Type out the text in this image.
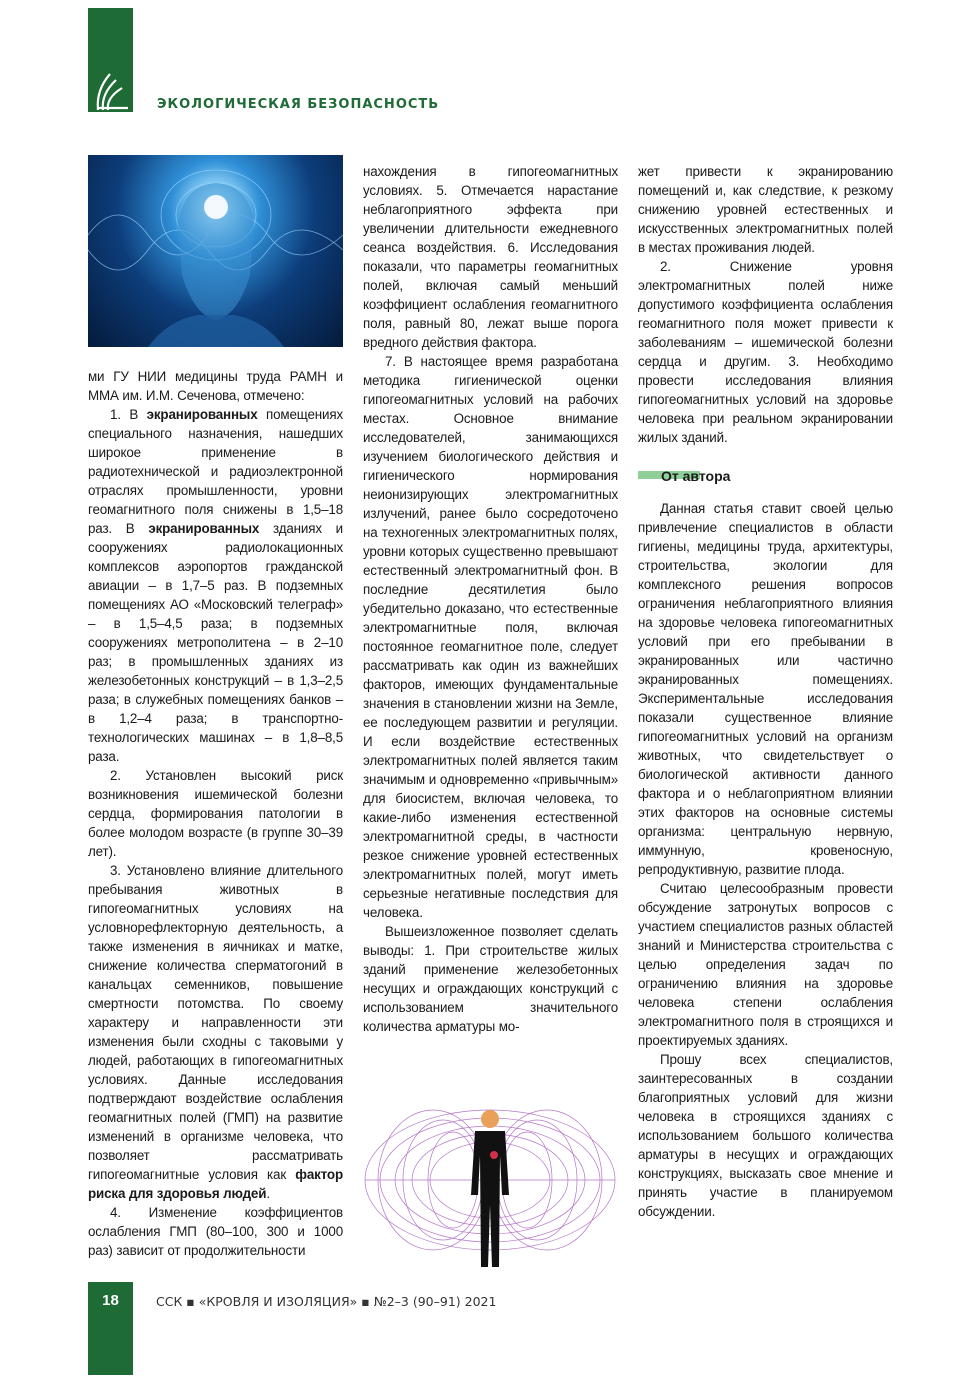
ЭКОЛОГИЧЕСКАЯ БЕЗОПАСНОСТЬ

ми ГУ НИИ медицины труда РАМН и ММА им. И.М. Сеченова, отмечено:

1. В экранированных помещениях специального назначения, нашедших широкое применение в радиотехнической и радиоэлектронной отраслях промышленности, уровни геомагнитного поля снижены в 1,5–18 раз. В экранированных зданиях и сооружениях радиолокационных комплексов аэропортов гражданской авиации – в 1,7–5 раз. В подземных помещениях АО «Московский телеграф» – в 1,5–4,5 раза; в подземных сооружениях метрополитена – в 2–10 раз; в промышленных зданиях из железобетонных конструкций – в 1,3–2,5 раза; в служебных помещениях банков – в 1,2–4 раза; в транспортно-технологических машинах – в 1,8–8,5 раза.

2. Установлен высокий риск возникновения ишемической болезни сердца, формирования патологии в более молодом возрасте (в группе 30–39 лет).

3. Установлено влияние длительного пребывания животных в гипогеомагнитных условиях на условнорефлекторную деятельность, а также изменения в яичниках и матке, снижение количества сперматогоний в канальцах семенников, повышение смертности потомства. По своему характеру и направленности эти изменения были сходны с таковыми у людей, работающих в гипогеомагнитных условиях. Данные исследования подтверждают воздействие ослабления геомагнитных полей (ГМП) на развитие изменений в организме человека, что позволяет рассматривать гипогеомагнитные условия как фактор риска для здоровья людей.

4. Изменение коэффициентов ослабления ГМП (80–100, 300 и 1000 раз) зависит от продолжительности

нахождения в гипогеомагнитных условиях. 5. Отмечается нарастание неблагоприятного эффекта при увеличении длительности ежедневного сеанса воздействия. 6. Исследования показали, что параметры геомагнитных полей, включая самый меньший коэффициент ослабления геомагнитного поля, равный 80, лежат выше порога вредного действия фактора.

7. В настоящее время разработана методика гигиенической оценки гипогеомагнитных условий на рабочих местах. Основное внимание исследователей, занимающихся изучением биологического действия и гигиенического нормирования неионизирующих электромагнитных излучений, ранее было сосредоточено на техногенных электромагнитных полях, уровни которых существенно превышают естественный электромагнитный фон. В последние десятилетия было убедительно доказано, что естественные электромагнитные поля, включая постоянное геомагнитное поле, следует рассматривать как один из важнейших факторов, имеющих фундаментальные значения в становлении жизни на Земле, ее последующем развитии и регуляции. И если воздействие естественных электромагнитных полей является таким значимым и одновременно «привычным» для биосистем, включая человека, то какие-либо изменения естественной электромагнитной среды, в частности резкое снижение уровней естественных электромагнитных полей, могут иметь серьезные негативные последствия для человека.

Вышеизложенное позволяет сделать выводы: 1. При строительстве жилых зданий применение железобетонных несущих и ограждающих конструкций с использованием значительного количества арматуры мо-

жет привести к экранированию помещений и, как следствие, к резкому снижению уровней естественных и искусственных электромагнитных полей в местах проживания людей.

2. Снижение уровня электромагнитных полей ниже допустимого коэффициента ослабления геомагнитного поля может привести к заболеваниям – ишемической болезни сердца и другим. 3. Необходимо провести исследования влияния гипогеомагнитных условий на здоровье человека при реальном экранировании жилых зданий.

От автора

Данная статья ставит своей целью привлечение специалистов в области гигиены, медицины труда, архитектуры, строительства, экологии для комплексного решения вопросов ограничения неблагоприятного влияния на здоровье человека гипогеомагнитных условий при его пребывании в экранированных или частично экранированных помещениях. Экспериментальные исследования показали существенное влияние гипогеомагнитных условий на организм животных, что свидетельствует о биологической активности данного фактора и о неблагоприятном влиянии этих факторов на основные системы организма: центральную нервную, иммунную, кровеносную, репродуктивную, развитие плода.

Считаю целесообразным провести обсуждение затронутых вопросов с участием специалистов разных областей знаний и Министерства строительства с целью определения задач по ограничению влияния на здоровье человека степени ослабления электромагнитного поля в строящихся и проектируемых зданиях.

Прошу всех специалистов, заинтересованных в создании благоприятных условий для жизни человека в строящихся зданиях с использованием большого количества арматуры в несущих и ограждающих конструкциях, высказать свое мнение и принять участие в планируемом обсуждении.

18	ССК ▪ «КРОВЛЯ И ИЗОЛЯЦИЯ» ▪ №2–3 (90–91) 2021
